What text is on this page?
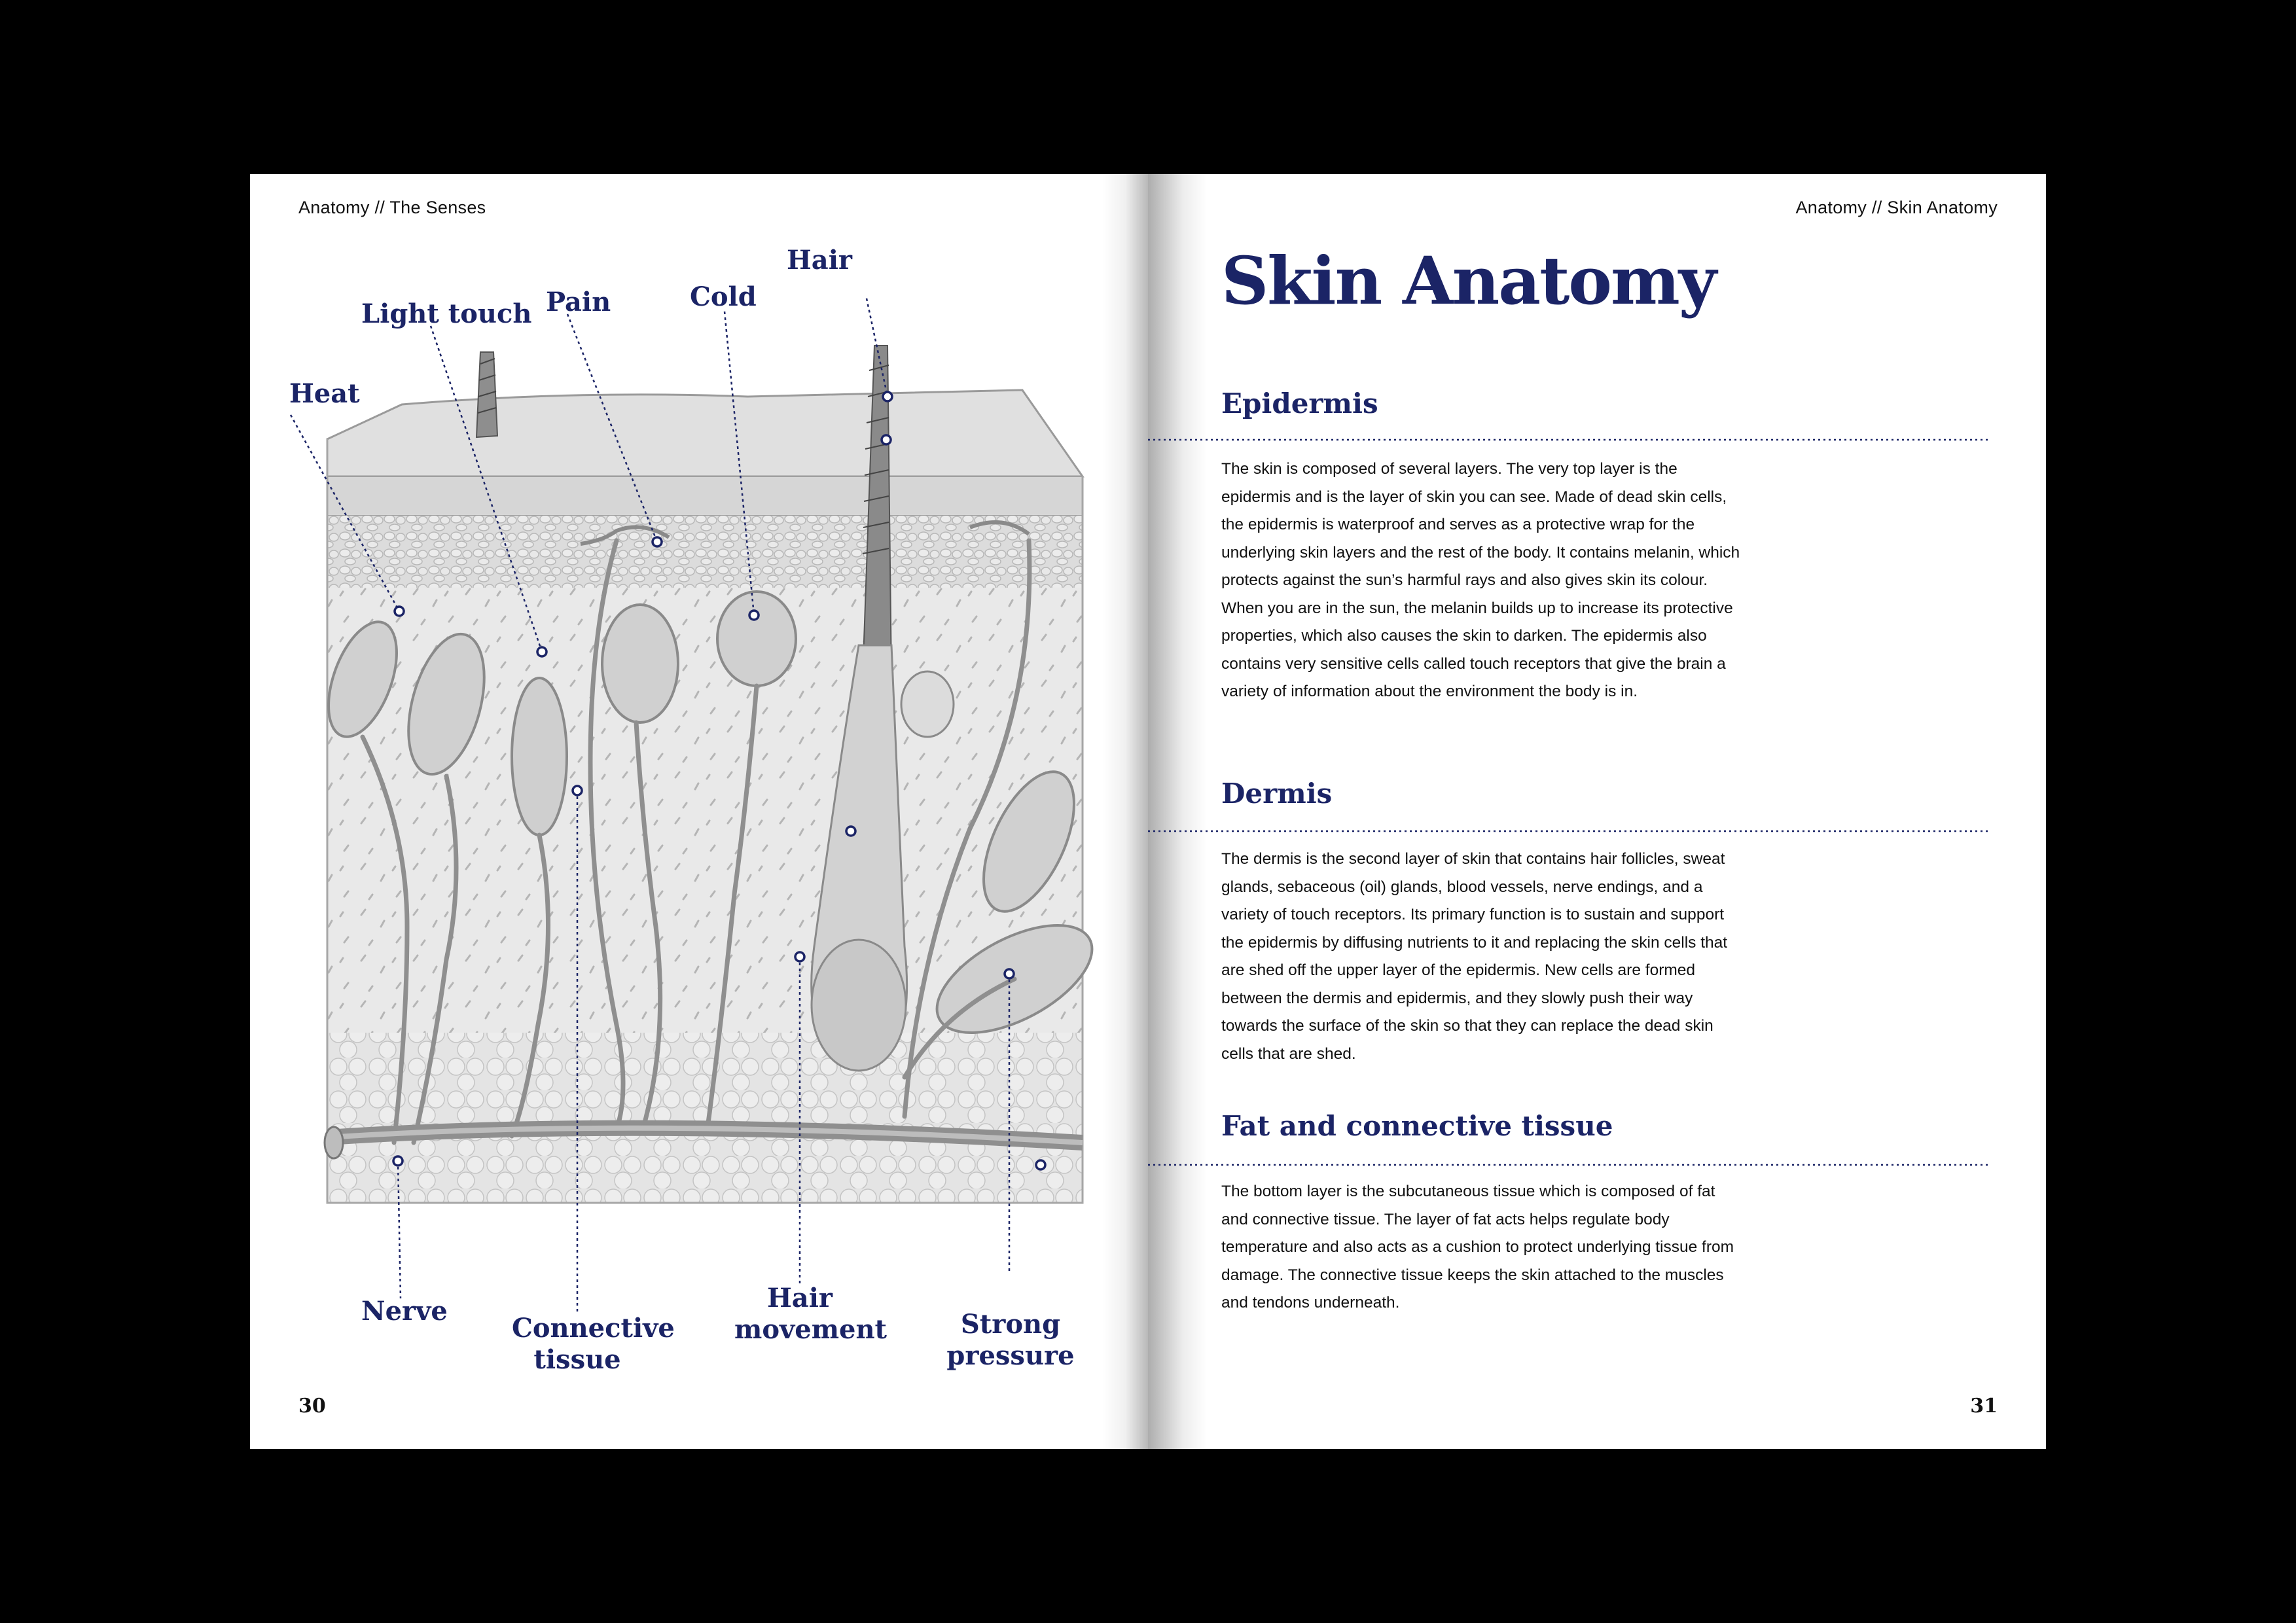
Anatomy // The Senses
Heat
Light touch Pain	Cold
Hair
Nerve
Connective tissue
Hair movement	Strong pressure
30
Anatomy // Skin Anatomy
Skin Anatomy
Epidermis
The skin is composed of several layers. The very top layer is the epidermis and is the layer of skin you can see. Made of dead skin cells, the epidermis is waterproof and serves as a protective wrap for the underlying skin layers and the rest of the body. It contains melanin, which protects against the sun’s harmful rays and also gives skin its colour. When you are in the sun, the melanin builds up to increase its protective properties, which also causes the skin to darken. The epidermis also contains very sensitive cells called touch receptors that give the brain a variety of information about the environment the body is in.
Dermis
The dermis is the second layer of skin that contains hair follicles, sweat glands, sebaceous (oil) glands, blood vessels, nerve endings, and a variety of touch receptors. Its primary function is to sustain and support the epidermis by diffusing nutrients to it and replacing the skin cells that are shed off the upper layer of the epidermis. New cells are formed between the dermis and epidermis, and they slowly push their way towards the surface of the skin so that they can replace the dead skin cells that are shed.
Fat and connective tissue
The bottom layer is the subcutaneous tissue which is composed of fat and connective tissue. The layer of fat acts helps regulate body temperature and also acts as a cushion to protect underlying tissue from damage. The connective tissue keeps the skin attached to the muscles and tendons underneath.
31
